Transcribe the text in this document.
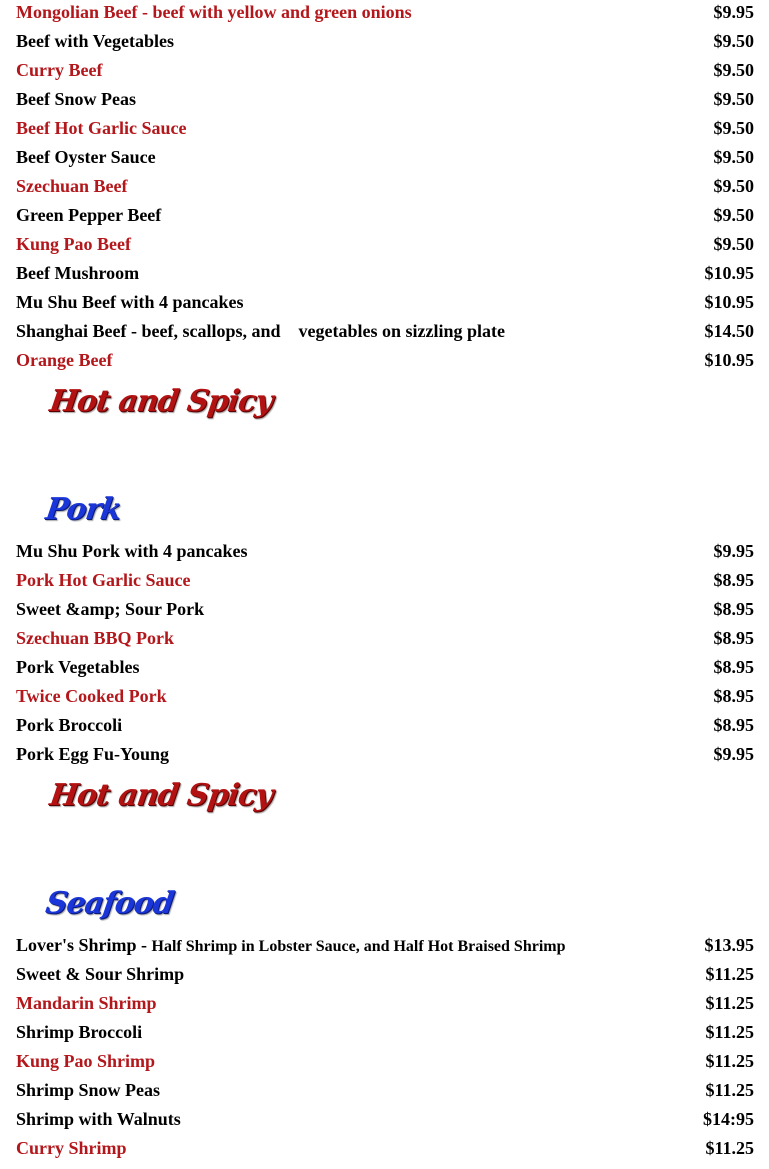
Mongolian Beef - beef with yellow and green onions	$9.95
Beef with Vegetables	$9.50
Curry Beef	$9.50
Beef Snow Peas	$9.50
Beef Hot Garlic Sauce	$9.50
Beef Oyster Sauce	$9.50
Szechuan Beef	$9.50
Green Pepper Beef	$9.50
Kung Pao Beef	$9.50
Beef Mushroom	$10.95
Mu Shu Beef with 4 pancakes	$10.95
Shanghai Beef - beef, scallops, and    vegetables on sizzling plate	$14.50
Orange Beef	$10.95
Hot and Spicy
Pork
Mu Shu Pork with 4 pancakes	$9.95
Pork Hot Garlic Sauce	$8.95
Sweet &amp; Sour Pork	$8.95
Szechuan BBQ Pork	$8.95
Pork Vegetables	$8.95
Twice Cooked Pork	$8.95
Pork Broccoli	$8.95
Pork Egg Fu-Young	$9.95
Hot and Spicy
Seafood
Lover's Shrimp - Half Shrimp in Lobster Sauce, and Half Hot Braised Shrimp	$13.95
Sweet & Sour Shrimp	$11.25
Mandarin Shrimp	$11.25
Shrimp Broccoli	$11.25
Kung Pao Shrimp	$11.25
Shrimp Snow Peas	$11.25
Shrimp with Walnuts	$14:95
Curry Shrimp	$11.25
